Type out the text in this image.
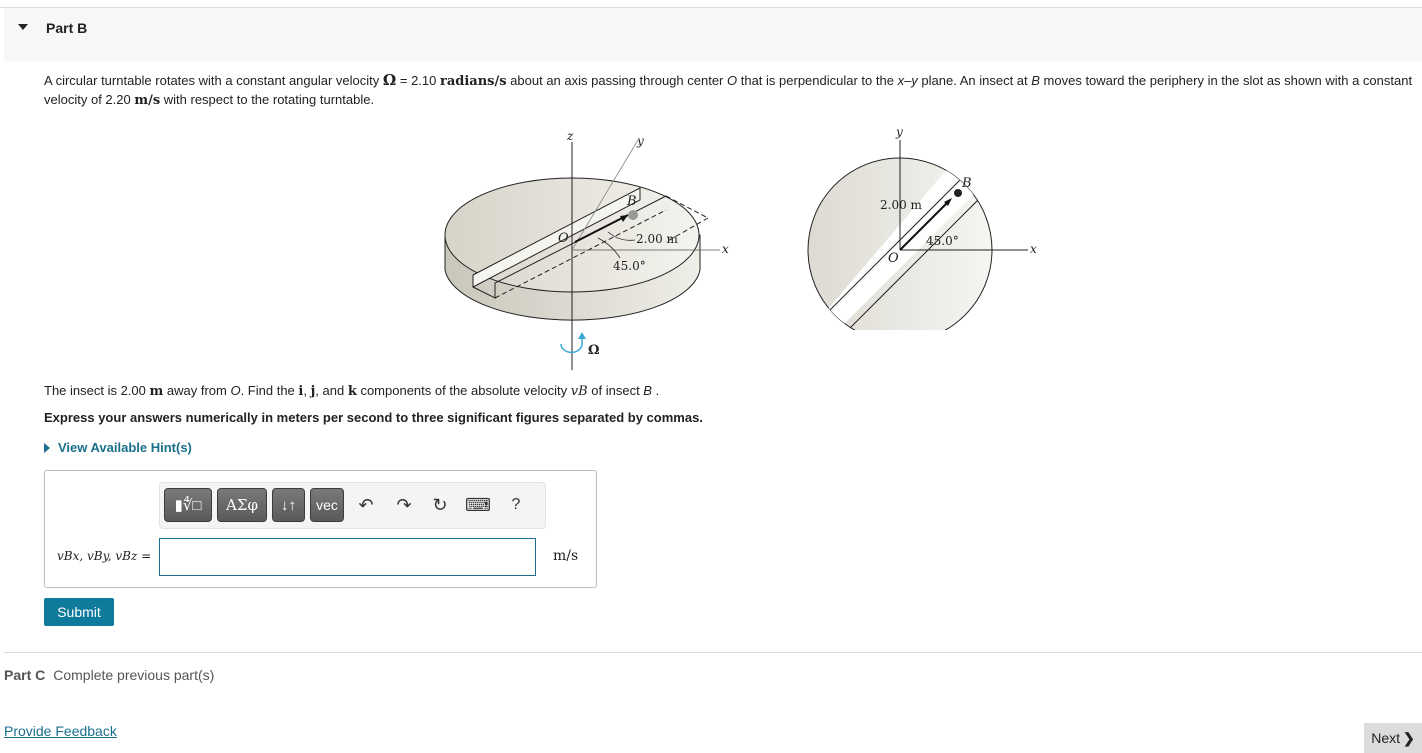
Part B
A circular turntable rotates with a constant angular velocity Ω = 2.10 radians/s about an axis passing through center O that is perpendicular to the x–y plane. An insect at B moves toward the periphery in the slot as shown with a constant velocity of 2.20 m/s with respect to the rotating turntable.
z	y
x
O
B
2.00 m
45.0°
Ω
y
x
O
B
2.00 m
45.0°
The insect is 2.00 m away from O. Find the i, j, and k components of the absolute velocity vB of insect B .
Express your answers numerically in meters per second to three significant figures separated by commas.
View Available Hint(s)
▮∜□	ΑΣφ	↓↑	vec	↶ ↷ ↻ ⌨	?
vBx, vBy, vBz =	m/s
Submit
Part C Complete previous part(s)
Provide Feedback	Next ❯
